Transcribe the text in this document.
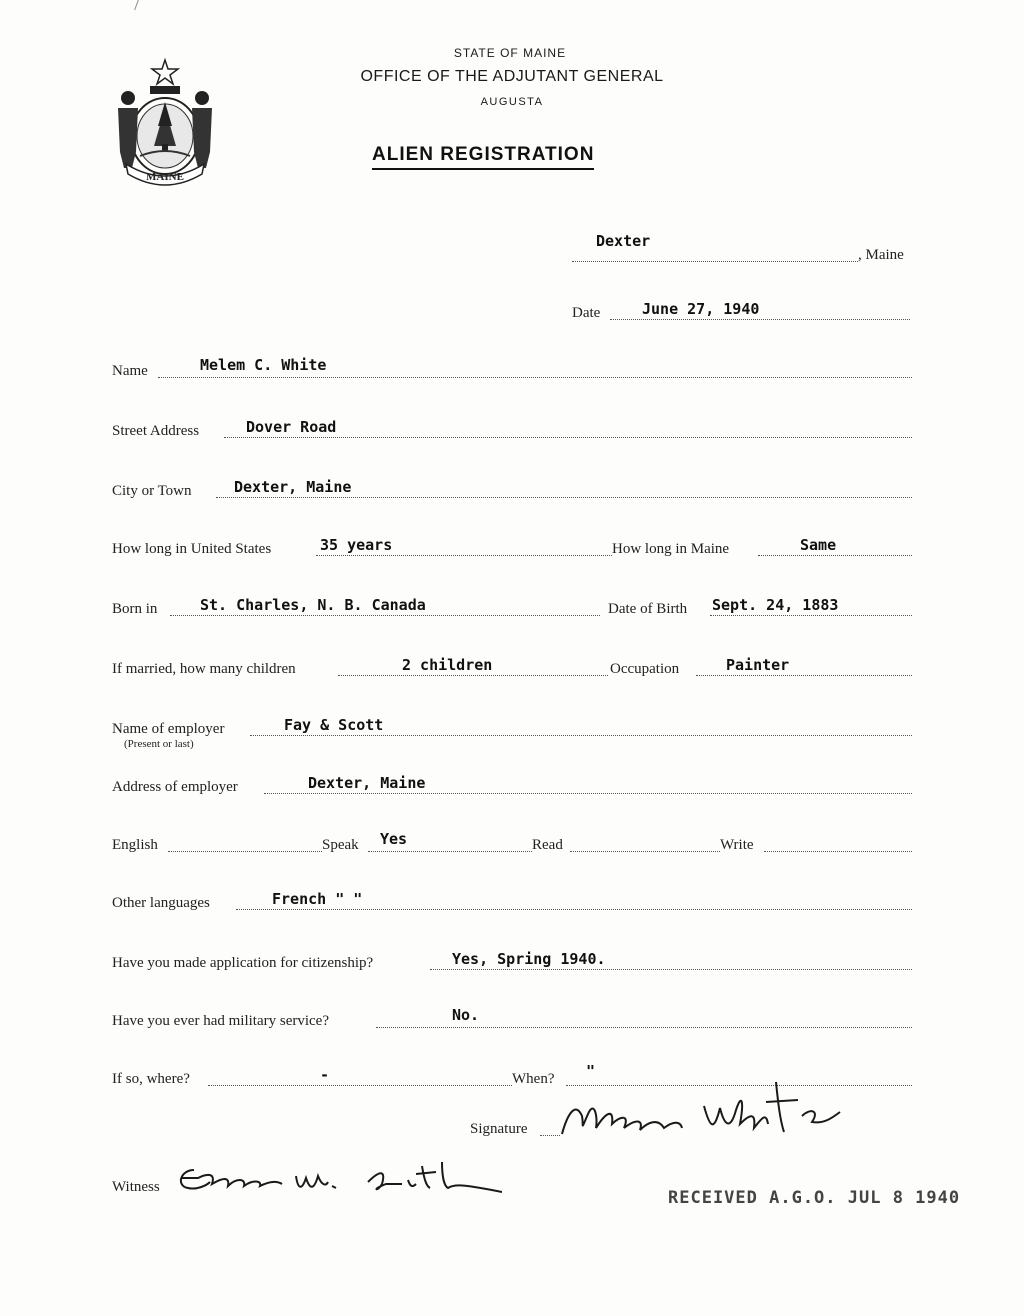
MAINE
STATE OF MAINE
OFFICE OF THE ADJUTANT GENERAL
AUGUSTA
ALIEN REGISTRATION
Dexter
, Maine
Date	June 27, 1940
Name	Melem C. White
Street Address	Dover Road
City or Town	Dexter, Maine
How long in United States	35 years	How long in Maine	Same
Born in	St. Charles, N. B. Canada	Date of Birth Sept. 24, 1883
If married, how many children	2 children	Occupation	Painter
Name of employer	Fay & Scott
(Present or last)
Address of employer	Dexter, Maine
English	Speak Yes	Read	Write
Other languages	French " "
Have you made application for citizenship?	Yes, Spring 1940.
Have you ever had military service?	No.
If so, where?	-	When? "
Signature
Witness
RECEIVED A.G.O. JUL 8 1940
